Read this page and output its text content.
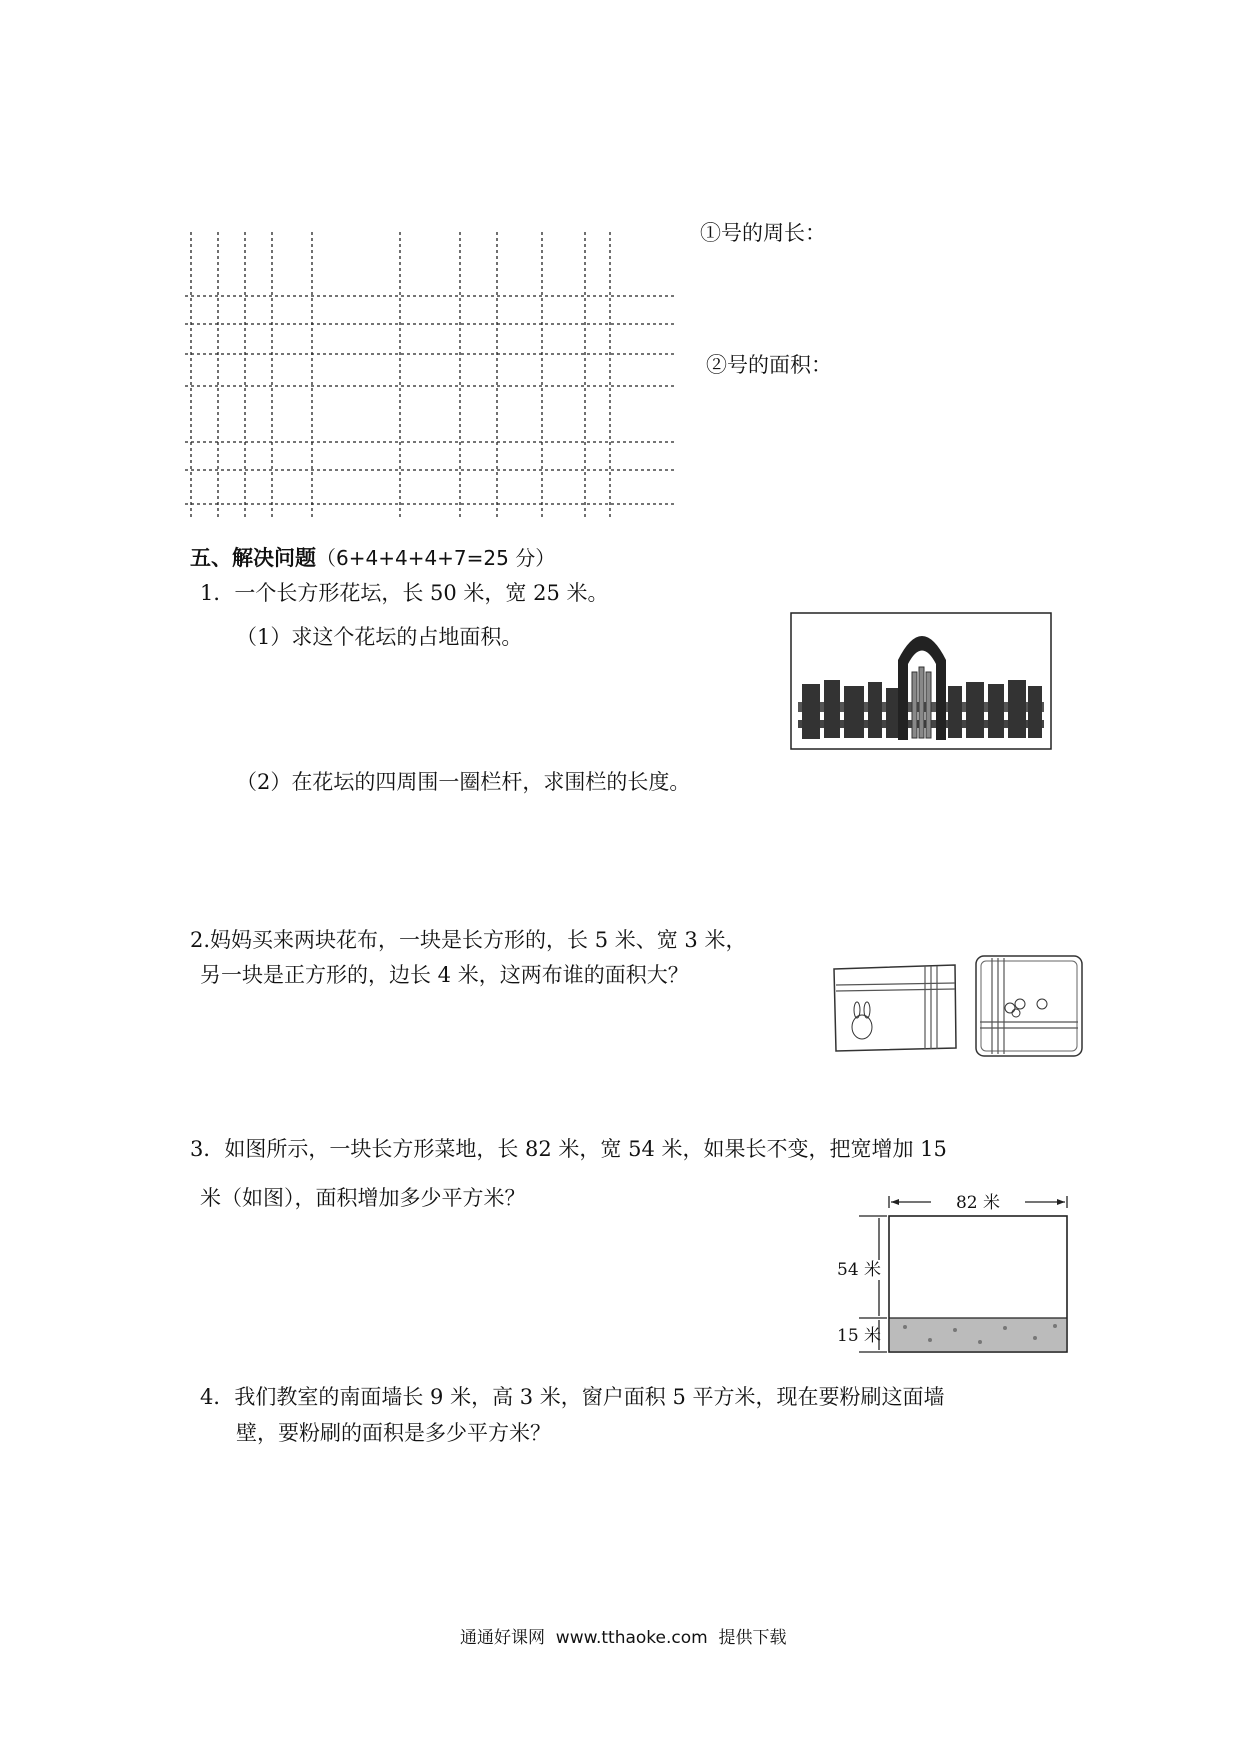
①号的周长：
②号的面积：
五、解决问题（6+4+4+4+7=25 分）
1．一个长方形花坛，长 50 米，宽 25 米。
（1）求这个花坛的占地面积。
（2）在花坛的四周围一圈栏杆，求围栏的长度。
2.妈妈买来两块花布，一块是长方形的，长 5 米、宽 3 米，
另一块是正方形的，边长 4 米，这两布谁的面积大？
3．如图所示，一块长方形菜地，长 82 米，宽 54 米，如果长不变，把宽增加 15
米（如图），面积增加多少平方米？	82 米
54 米
15 米
4．我们教室的南面墙长 9 米，高 3 米，窗户面积 5 平方米，现在要粉刷这面墙
壁，要粉刷的面积是多少平方米？
通通好课网  www.tthaoke.com  提供下载
